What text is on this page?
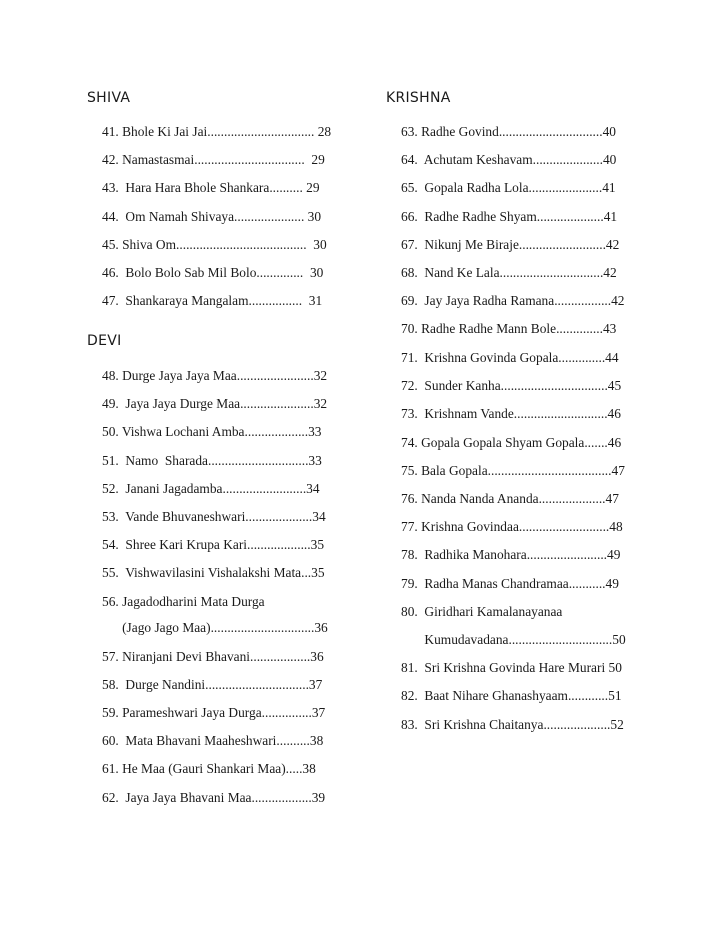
SHIVA
DEVI
KRISHNA
41. Bhole Ki Jai Jai................................ 28
42. Namastasmai.................................  29
43.  Hara Hara Bhole Shankara.......... 29
44.  Om Namah Shivaya..................... 30
45. Shiva Om.......................................  30
46.  Bolo Bolo Sab Mil Bolo..............  30
47.  Shankaraya Mangalam................  31
48. Durge Jaya Jaya Maa.......................32
49.  Jaya Jaya Durge Maa......................32
50. Vishwa Lochani Amba...................33
51.  Namo  Sharada..............................33
52.  Janani Jagadamba.........................34
53.  Vande Bhuvaneshwari....................34
54.  Shree Kari Krupa Kari...................35
55.  Vishwavilasini Vishalakshi Mata...35
56. Jagadodharini Mata Durga
(Jago Jago Maa)...............................36
57. Niranjani Devi Bhavani..................36
58.  Durge Nandini...............................37
59. Parameshwari Jaya Durga...............37
60.  Mata Bhavani Maaheshwari..........38
61. He Maa (Gauri Shankari Maa).....38
62.  Jaya Jaya Bhavani Maa..................39
63. Radhe Govind...............................40
64.  Achutam Keshavam.....................40
65.  Gopala Radha Lola......................41
66.  Radhe Radhe Shyam....................41
67.  Nikunj Me Biraje..........................42
68.  Nand Ke Lala...............................42
69.  Jay Jaya Radha Ramana.................42
70. Radhe Radhe Mann Bole..............43
71.  Krishna Govinda Gopala..............44
72.  Sunder Kanha................................45
73.  Krishnam Vande............................46
74. Gopala Gopala Shyam Gopala.......46
75. Bala Gopala.....................................47
76. Nanda Nanda Ananda....................47
77. Krishna Govindaa...........................48
78.  Radhika Manohara........................49
79.  Radha Manas Chandramaa...........49
80.  Giridhari Kamalanayanaa
Kumudavadana...............................50
81.  Sri Krishna Govinda Hare Murari 50
82.  Baat Nihare Ghanashyaam............51
83.  Sri Krishna Chaitanya....................52
